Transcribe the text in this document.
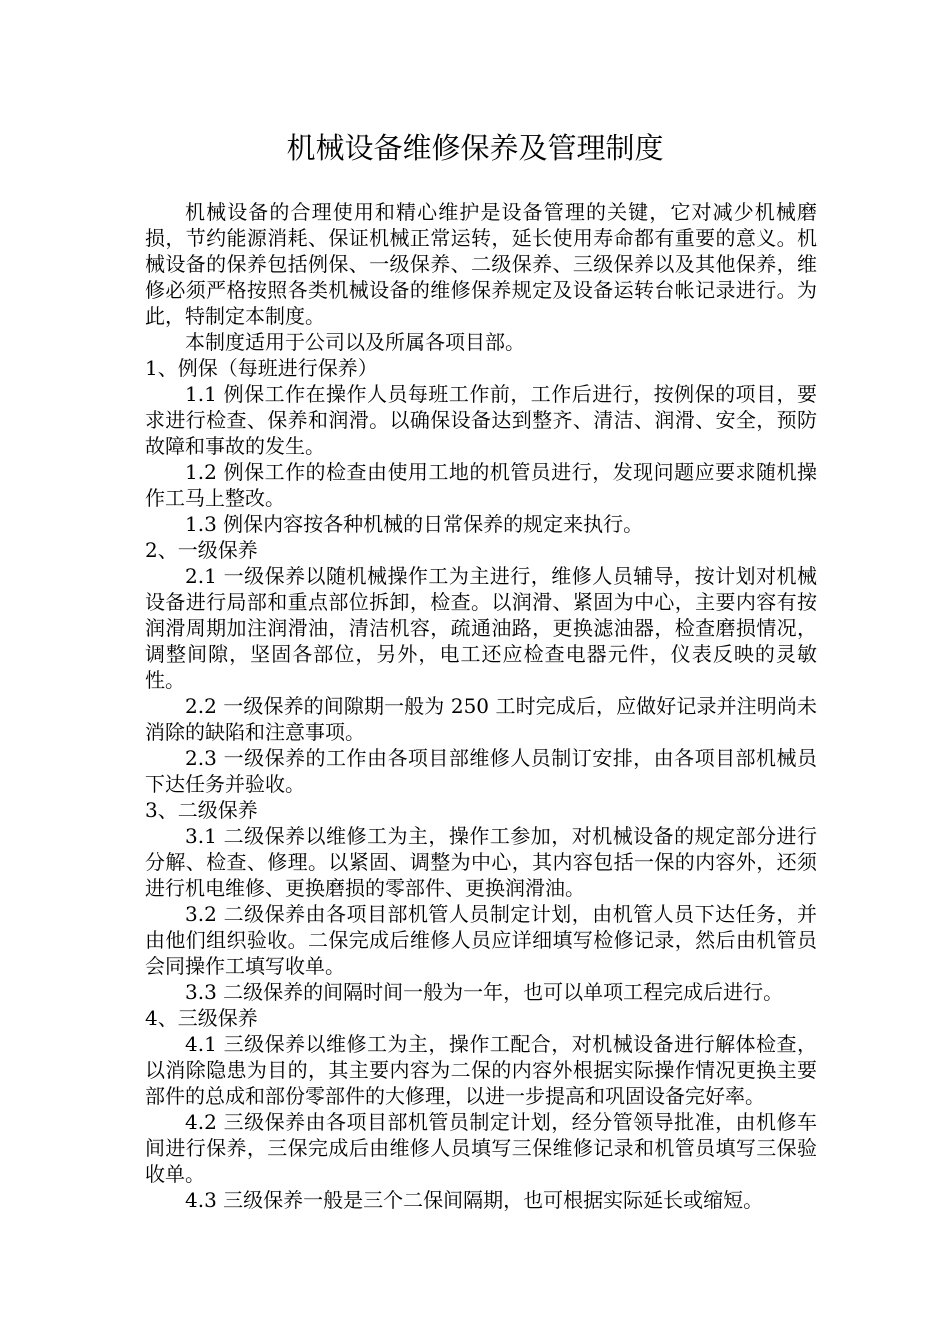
机械设备维修保养及管理制度

机械设备的合理使用和精心维护是设备管理的关键，它对减少机械磨损，节约能源消耗、保证机械正常运转，延长使用寿命都有重要的意义。机械设备的保养包括例保、一级保养、二级保养、三级保养以及其他保养，维修必须严格按照各类机械设备的维修保养规定及设备运转台帐记录进行。为此，特制定本制度。

本制度适用于公司以及所属各项目部。

1、例保（每班进行保养）

1.1 例保工作在操作人员每班工作前，工作后进行，按例保的项目，要求进行检查、保养和润滑。以确保设备达到整齐、清洁、润滑、安全，预防故障和事故的发生。

1.2 例保工作的检查由使用工地的机管员进行，发现问题应要求随机操作工马上整改。

1.3 例保内容按各种机械的日常保养的规定来执行。

2、一级保养

2.1 一级保养以随机械操作工为主进行，维修人员辅导，按计划对机械设备进行局部和重点部位拆卸，检查。以润滑、紧固为中心，主要内容有按润滑周期加注润滑油，清洁机容，疏通油路，更换滤油器，检查磨损情况，调整间隙，坚固各部位，另外，电工还应检查电器元件，仪表反映的灵敏性。

2.2 一级保养的间隙期一般为 250 工时完成后，应做好记录并注明尚未消除的缺陷和注意事项。

2.3 一级保养的工作由各项目部维修人员制订安排，由各项目部机械员下达任务并验收。

3、二级保养

3.1 二级保养以维修工为主，操作工参加，对机械设备的规定部分进行分解、检查、修理。以紧固、调整为中心，其内容包括一保的内容外，还须进行机电维修、更换磨损的零部件、更换润滑油。

3.2 二级保养由各项目部机管人员制定计划，由机管人员下达任务，并由他们组织验收。二保完成后维修人员应详细填写检修记录，然后由机管员会同操作工填写收单。

3.3 二级保养的间隔时间一般为一年，也可以单项工程完成后进行。

4、三级保养

4.1 三级保养以维修工为主，操作工配合，对机械设备进行解体检查，以消除隐患为目的，其主要内容为二保的内容外根据实际操作情况更换主要部件的总成和部份零部件的大修理，以进一步提高和巩固设备完好率。

4.2 三级保养由各项目部机管员制定计划，经分管领导批准，由机修车间进行保养，三保完成后由维修人员填写三保维修记录和机管员填写三保验收单。

4.3 三级保养一般是三个二保间隔期，也可根据实际延长或缩短。
